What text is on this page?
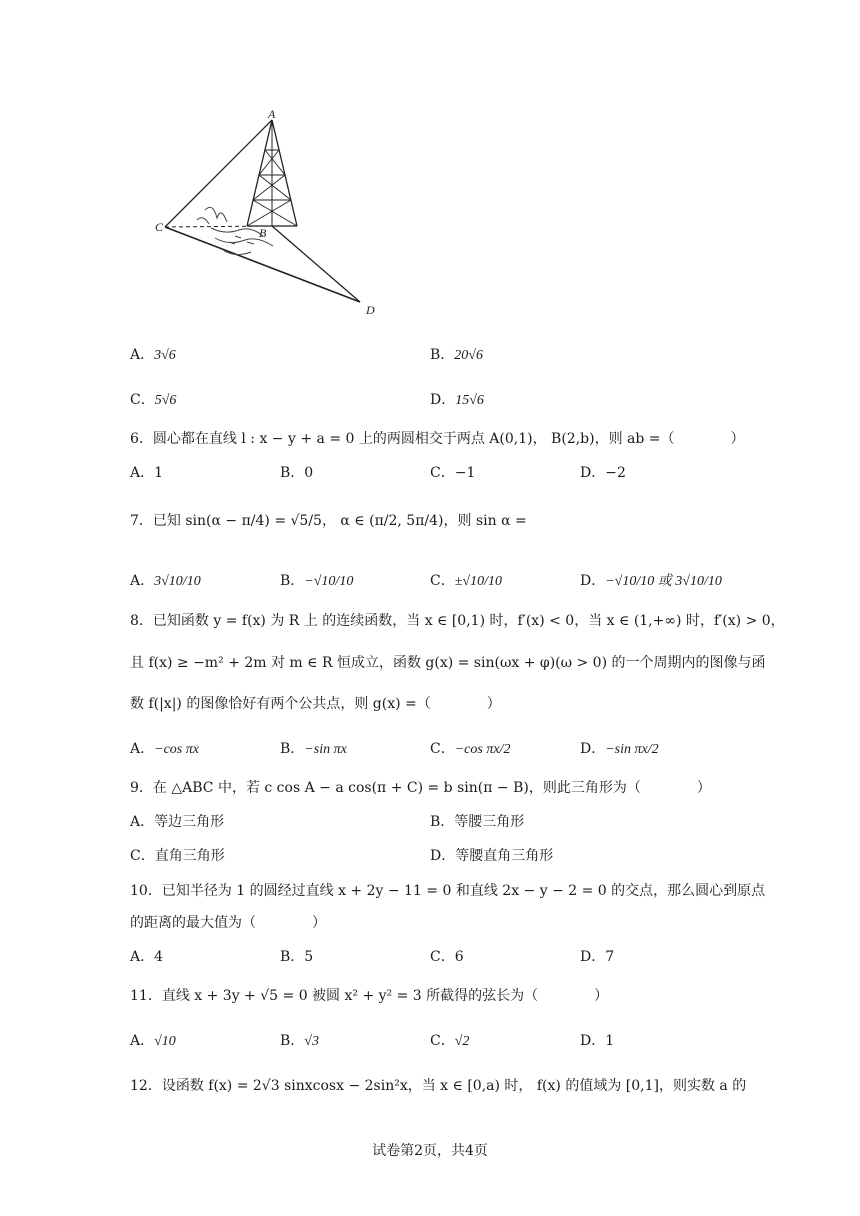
A
C	B
D
A．3√6	B．20√6
C．5√6	D．15√6
6．圆心都在直线 l : x − y + a = 0 上的两圆相交于两点 A(0,1)， B(2,b)，则 ab =（　　　　）
A．1	B．0	C．−1	D．−2
7．已知 sin(α − π/4) = √5/5， α ∈ (π/2, 5π/4)，则 sin α =
A．3√10/10	B．−√10/10	C．±√10/10	D．−√10/10 或 3√10/10
8．已知函数 y = f(x) 为 R 上 的连续函数，当 x ∈ [0,1) 时，f′(x) < 0，当 x ∈ (1,+∞) 时，f′(x) > 0，
且 f(x) ≥ −m² + 2m 对 m ∈ R 恒成立，函数 g(x) = sin(ωx + φ)(ω > 0) 的一个周期内的图像与函
数 f(|x|) 的图像恰好有两个公共点，则 g(x) =（　　　　）
A．−cos πx	B．−sin πx	C．−cos πx/2	D．−sin πx/2
9．在 △ABC 中，若 c cos A − a cos(π + C) = b sin(π − B)，则此三角形为（　　　　）
A．等边三角形	B．等腰三角形
C．直角三角形	D．等腰直角三角形
10．已知半径为 1 的圆经过直线 x + 2y − 11 = 0 和直线 2x − y − 2 = 0 的交点，那么圆心到原点
的距离的最大值为（　　　　）
A．4	B．5	C．6	D．7
11．直线 x + 3y + √5 = 0 被圆 x² + y² = 3 所截得的弦长为（　　　　）
A．√10	B．√3	C．√2	D．1
12．设函数 f(x) = 2√3 sinxcosx − 2sin²x，当 x ∈ [0,a) 时， f(x) 的值域为 [0,1]，则实数 a 的
试卷第2页，共4页
